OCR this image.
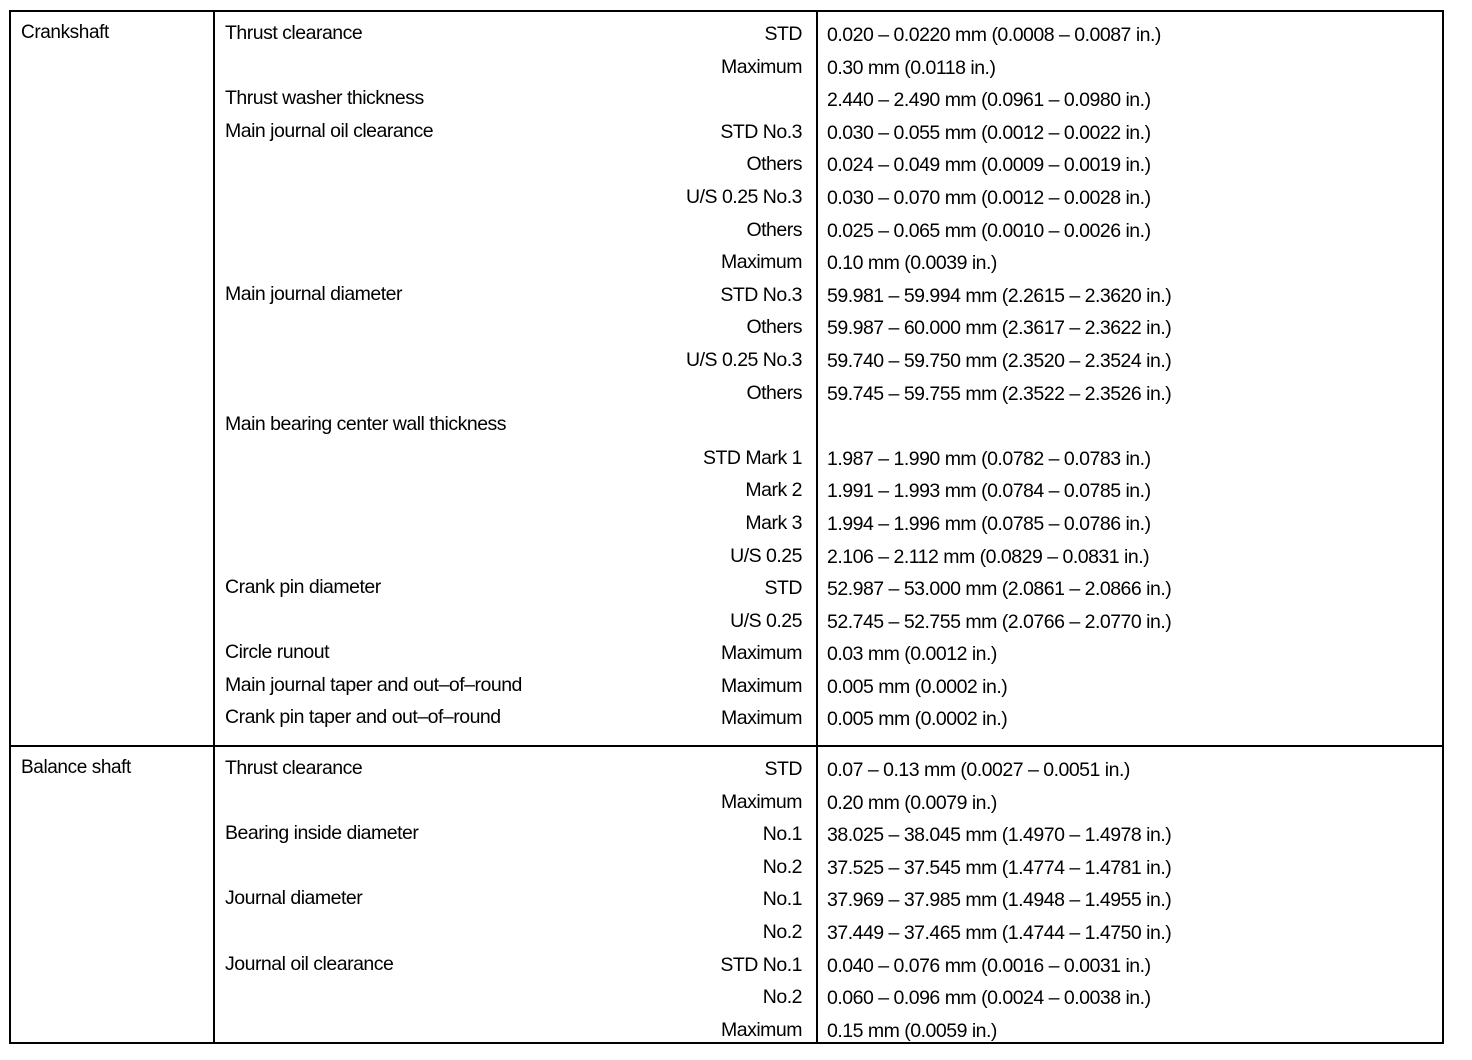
Crankshaft	Thrust clearance	STD 0.020 – 0.0220 mm (0.0008 – 0.0087 in.)
Maximum 0.30 mm (0.0118 in.)
Thrust washer thickness	2.440 – 2.490 mm (0.0961 – 0.0980 in.)
Main journal oil clearance	STD No.3 0.030 – 0.055 mm (0.0012 – 0.0022 in.)
Others 0.024 – 0.049 mm (0.0009 – 0.0019 in.)
U/S 0.25 No.3 0.030 – 0.070 mm (0.0012 – 0.0028 in.)
Others 0.025 – 0.065 mm (0.0010 – 0.0026 in.)
Maximum 0.10 mm (0.0039 in.)
Main journal diameter	STD No.3 59.981 – 59.994 mm (2.2615 – 2.3620 in.)
Others 59.987 – 60.000 mm (2.3617 – 2.3622 in.)
U/S 0.25 No.3 59.740 – 59.750 mm (2.3520 – 2.3524 in.)
Others 59.745 – 59.755 mm (2.3522 – 2.3526 in.)
Main bearing center wall thickness
STD Mark 1 1.987 – 1.990 mm (0.0782 – 0.0783 in.)
Mark 2 1.991 – 1.993 mm (0.0784 – 0.0785 in.)
Mark 3 1.994 – 1.996 mm (0.0785 – 0.0786 in.)
U/S 0.25 2.106 – 2.112 mm (0.0829 – 0.0831 in.)
Crank pin diameter	STD 52.987 – 53.000 mm (2.0861 – 2.0866 in.)
U/S 0.25 52.745 – 52.755 mm (2.0766 – 2.0770 in.)
Circle runout	Maximum 0.03 mm (0.0012 in.)
Main journal taper and out–of–round	Maximum 0.005 mm (0.0002 in.)
Crank pin taper and out–of–round	Maximum 0.005 mm (0.0002 in.)
Balance shaft	Thrust clearance	STD 0.07 – 0.13 mm (0.0027 – 0.0051 in.)
Maximum 0.20 mm (0.0079 in.)
Bearing inside diameter	No.1 38.025 – 38.045 mm (1.4970 – 1.4978 in.)
No.2 37.525 – 37.545 mm (1.4774 – 1.4781 in.)
Journal diameter	No.1 37.969 – 37.985 mm (1.4948 – 1.4955 in.)
No.2 37.449 – 37.465 mm (1.4744 – 1.4750 in.)
Journal oil clearance	STD No.1 0.040 – 0.076 mm (0.0016 – 0.0031 in.)
No.2 0.060 – 0.096 mm (0.0024 – 0.0038 in.)
Maximum 0.15 mm (0.0059 in.)
